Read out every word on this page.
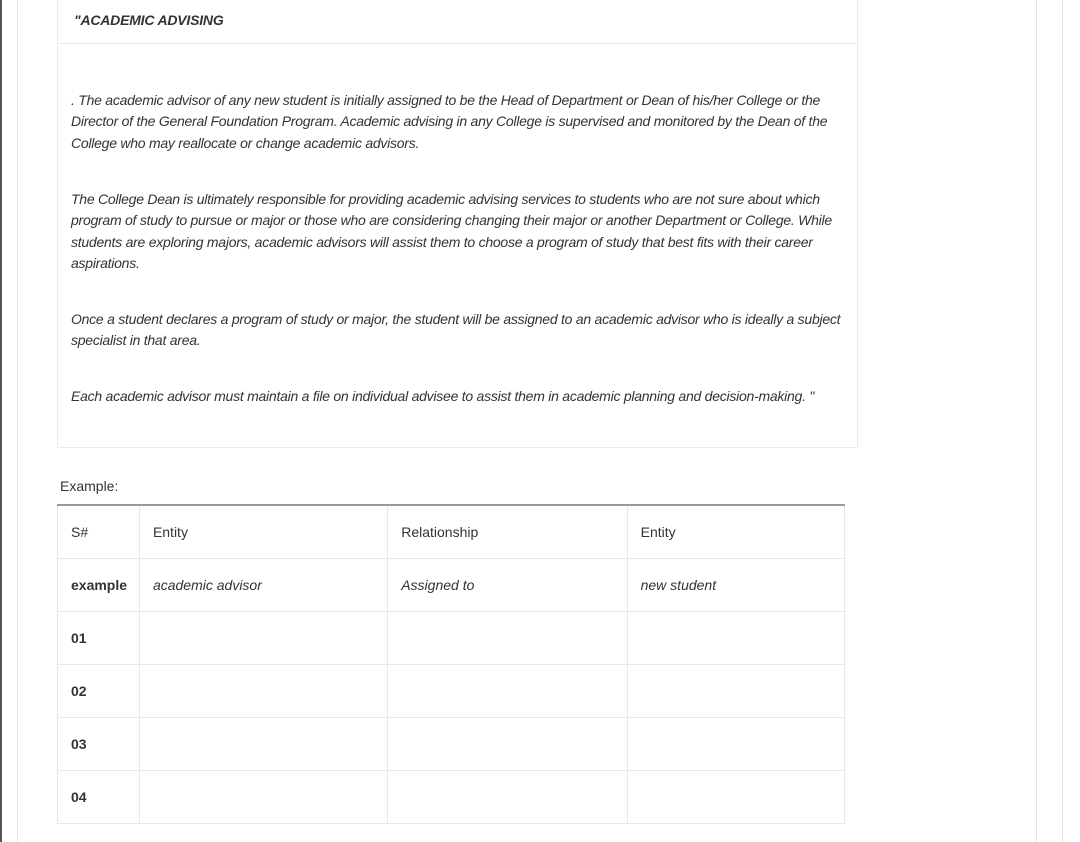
"ACADEMIC ADVISING
. The academic advisor of any new student is initially assigned to be the Head of Department or Dean of his/her College or the Director of the General Foundation Program. Academic advising in any College is supervised and monitored by the Dean of the College who may reallocate or change academic advisors.
The College Dean is ultimately responsible for providing academic advising services to students who are not sure about which program of study to pursue or major or those who are considering changing their major or another Department or College. While students are exploring majors, academic advisors will assist them to choose a program of study that best fits with their career aspirations.
Once a student declares a program of study or major, the student will be assigned to an academic advisor who is ideally a subject specialist in that area.
Each academic advisor must maintain a file on individual advisee to assist them in academic planning and decision-making. "
Example:
S#	Entity	Relationship	Entity
example	academic advisor	Assigned to	new student
01			
02			
03			
04			
